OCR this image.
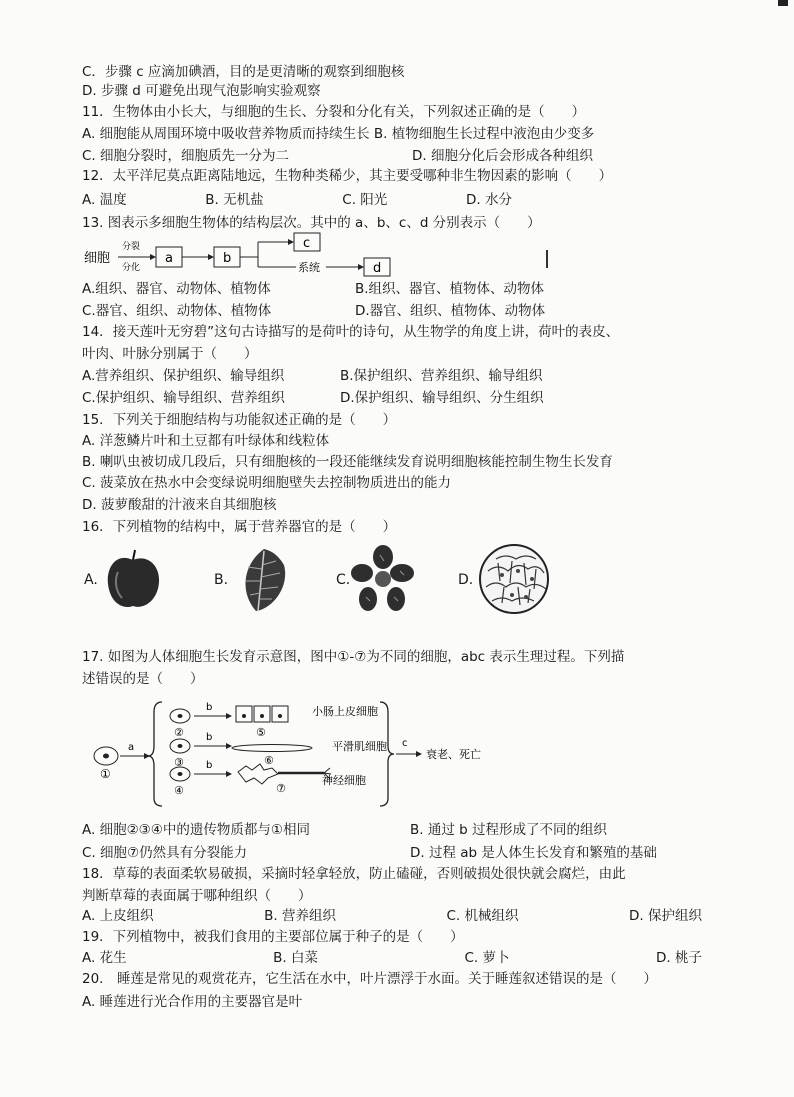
C．步骤 c 应滴加碘酒，目的是更清晰的观察到细胞核
D. 步骤 d 可避免出现气泡影响实验观察
11．生物体由小长大，与细胞的生长、分裂和分化有关，下列叙述正确的是（　　）
A. 细胞能从周围环境中吸收营养物质而持续生长 B. 植物细胞生长过程中液泡由少变多
C. 细胞分裂时，细胞质先一分为二	D. 细胞分化后会形成各种组织
12．太平洋尼莫点距离陆地远，生物种类稀少，其主要受哪种非生物因素的影响（　　）
A. 温度	B. 无机盐	C. 阳光	D. 水分
13. 图表示多细胞生物体的结构层次。其中的 a、b、c、d 分别表示（　　）
细胞
分裂
分化
a	b
c
系统	d
A.组织、器官、动物体、植物体	B.组织、器官、植物体、动物体
C.器官、组织、动物体、植物体	D.器官、组织、植物体、动物体
14．接天莲叶无穷碧”这句古诗描写的是荷叶的诗句，从生物学的角度上讲，荷叶的表皮、
叶肉、叶脉分别属于（　　）
A.营养组织、保护组织、输导组织	B.保护组织、营养组织、输导组织
C.保护组织、输导组织、营养组织	D.保护组织、输导组织、分生组织
15．下列关于细胞结构与功能叙述正确的是（　　）
A. 洋葱鳞片叶和土豆都有叶绿体和线粒体
B. 喇叭虫被切成几段后，只有细胞核的一段还能继续发育说明细胞核能控制生物生长发育
C. 菠菜放在热水中会变绿说明细胞壁失去控制物质进出的能力
D. 菠萝酸甜的汁液来自其细胞核
16．下列植物的结构中，属于营养器官的是（　　）
A.	B.	C.	D.
17. 如图为人体细胞生长发育示意图，图中①-⑦为不同的细胞，abc 表示生理过程。下列描
述错误的是（　　）
①
a
②
③
④
b
b
b
⑤
小肠上皮细胞
⑥
平滑肌细胞
⑦
神经细胞
c
衰老、死亡
A. 细胞②③④中的遗传物质都与①相同	B. 通过 b 过程形成了不同的组织
C. 细胞⑦仍然具有分裂能力	D. 过程 ab 是人体生长发育和繁殖的基础
18．草莓的表面柔软易破损，采摘时轻拿轻放，防止磕碰，否则破损处很快就会腐烂，由此
判断草莓的表面属于哪种组织（　　）
A. 上皮组织	B. 营养组织	C. 机械组织	D. 保护组织
19．下列植物中，被我们食用的主要部位属于种子的是（　　）
A. 花生	B. 白菜	C. 萝卜	D. 桃子
20． 睡莲是常见的观赏花卉，它生活在水中，叶片漂浮于水面。关于睡莲叙述错误的是（　　）
A. 睡莲进行光合作用的主要器官是叶
